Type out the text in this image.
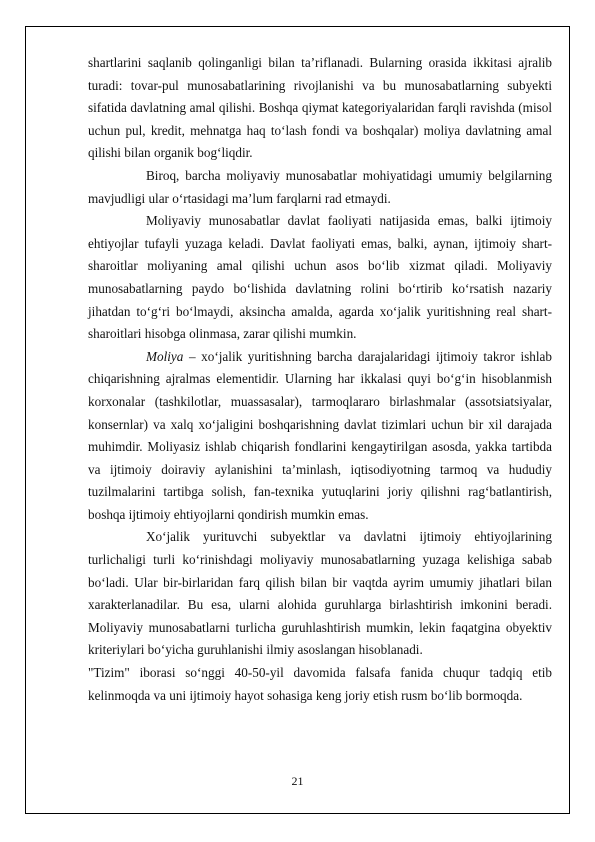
shartlarini saqlanib qolinganligi bilan ta’riflanadi. Bularning orasida ikkitasi ajralib turadi: tovar-pul munosabatlarining rivojlanishi va bu munosabatlarning subyekti sifatida davlatning amal qilishi. Boshqa qiymat kategoriyalaridan farqli ravishda (misol uchun pul, kredit, mehnatga haq to‘lash fondi va boshqalar) moliya davlatning amal qilishi bilan organik bog‘liqdir.

Biroq, barcha moliyaviy munosabatlar mohiyatidagi umumiy belgilarning mavjudligi ular o‘rtasidagi ma’lum farqlarni rad etmaydi.

Moliyaviy munosabatlar davlat faoliyati natijasida emas, balki ijtimoiy ehtiyojlar tufayli yuzaga keladi. Davlat faoliyati emas, balki, aynan, ijtimoiy shart-sharoitlar moliyaning amal qilishi uchun asos bo‘lib xizmat qiladi. Moliyaviy munosabatlarning paydo bo‘lishida davlatning rolini bo‘rtirib ko‘rsatish nazariy jihatdan to‘g‘ri bo‘lmaydi, aksincha amalda, agarda xo‘jalik yuritishning real shart-sharoitlari hisobga olinmasa, zarar qilishi mumkin.

Moliya – xo‘jalik yuritishning barcha darajalaridagi ijtimoiy takror ishlab chiqarishning ajralmas elementidir. Ularning har ikkalasi quyi bo‘g‘in hisoblanmish korxonalar (tashkilotlar, muassasalar), tarmoqlararo birlashmalar (assotsiatsiyalar, konsernlar) va xalq xo‘jaligini boshqarishning davlat tizimlari uchun bir xil darajada muhimdir. Moliyasiz ishlab chiqarish fondlarini kengaytirilgan asosda, yakka tartibda va ijtimoiy doiraviy aylanishini ta’minlash, iqtisodiyotning tarmoq va hududiy tuzilmalarini tartibga solish, fan-texnika yutuqlarini joriy qilishni rag‘batlantirish, boshqa ijtimoiy ehtiyojlarni qondirish mumkin emas.

Xo‘jalik yurituvchi subyektlar va davlatni ijtimoiy ehtiyojlarining turlichaligi turli ko‘rinishdagi moliyaviy munosabatlarning yuzaga kelishiga sabab bo‘ladi. Ular bir-birlaridan farq qilish bilan bir vaqtda ayrim umumiy jihatlari bilan xarakterlanadilar. Bu esa, ularni alohida guruhlarga birlashtirish imkonini beradi. Moliyaviy munosabatlarni turlicha guruhlashtirish mumkin, lekin faqatgina obyektiv kriteriylari bo‘yicha guruhlanishi ilmiy asoslangan hisoblanadi.

"Tizim" iborasi so‘nggi 40-50-yil davomida falsafa fanida chuqur tadqiq etib kelinmoqda va uni ijtimoiy hayot sohasiga keng joriy etish rusm bo‘lib bormoqda.

21
